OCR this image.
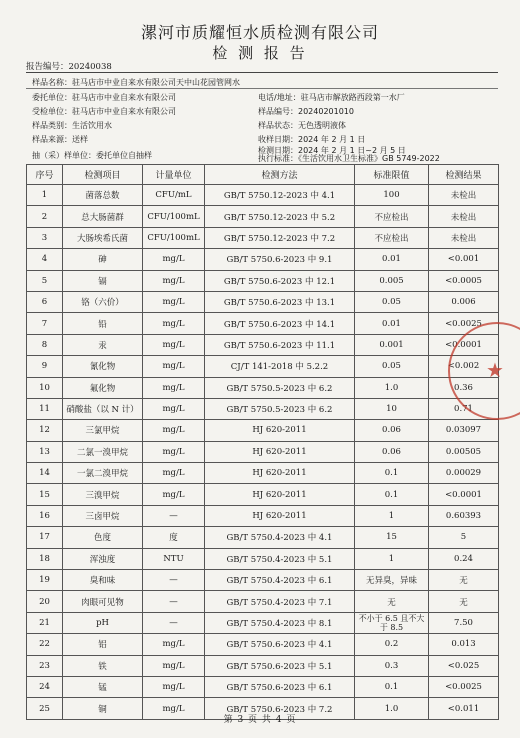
漯河市质耀恒水质检测有限公司
检 测 报 告
报告编号：20240038
样品名称：驻马店市中业自来水有限公司天中山花园管网水
委托单位：驻马店市中业自来水有限公司	电话/地址：驻马店市解放路西段第一水厂
受检单位：驻马店市中业自来水有限公司	样品编号：20240201010
样品类别：生活饮用水	样品状态：无色透明液体
样品来源：送样	收样日期：2024 年 2 月 1 日
检测日期：2024 年 2 月 1 日~2 月 5 日
抽（采）样单位：委托单位自抽样	执行标准：《生活饮用水卫生标准》GB 5749-2022
序号	检测项目	计量单位	检测方法	标准限值	检测结果
1	菌落总数	CFU/mL	GB/T 5750.12-2023 中 4.1	100	未检出
2	总大肠菌群	CFU/100mL	GB/T 5750.12-2023 中 5.2	不应检出	未检出
3	大肠埃希氏菌	CFU/100mL	GB/T 5750.12-2023 中 7.2	不应检出	未检出
4	砷	mg/L	GB/T 5750.6-2023 中 9.1	0.01	<0.001
5	镉	mg/L	GB/T 5750.6-2023 中 12.1	0.005	<0.0005
6	铬（六价）	mg/L	GB/T 5750.6-2023 中 13.1	0.05	0.006
7	铅	mg/L	GB/T 5750.6-2023 中 14.1	0.01	<0.0025
8	汞	mg/L	GB/T 5750.6-2023 中 11.1	0.001	<0.0001
9	氰化物	mg/L	CJ/T 141-2018 中 5.2.2	0.05	<0.002
10	氟化物	mg/L	GB/T 5750.5-2023 中 6.2	1.0	0.36
11	硝酸盐（以 N 计）	mg/L	GB/T 5750.5-2023 中 6.2	10	0.71
12	三氯甲烷	mg/L	HJ 620-2011	0.06	0.03097
13	二氯一溴甲烷	mg/L	HJ 620-2011	0.06	0.00505
14	一氯二溴甲烷	mg/L	HJ 620-2011	0.1	0.00029
15	三溴甲烷	mg/L	HJ 620-2011	0.1	<0.0001
16	三卤甲烷	—	HJ 620-2011	1	0.60393
17	色度	度	GB/T 5750.4-2023 中 4.1	15	5
18	浑浊度	NTU	GB/T 5750.4-2023 中 5.1	1	0.24
19	臭和味	—	GB/T 5750.4-2023 中 6.1	无异臭，异味	无
20	肉眼可见物	—	GB/T 5750.4-2023 中 7.1	无	无
21	pH	—	GB/T 5750.4-2023 中 8.1	不小于 6.5 且不大于 8.5	7.50
22	铝	mg/L	GB/T 5750.6-2023 中 4.1	0.2	0.013
23	铁	mg/L	GB/T 5750.6-2023 中 5.1	0.3	<0.025
24	锰	mg/L	GB/T 5750.6-2023 中 6.1	0.1	<0.0025
25	铜	mg/L	GB/T 5750.6-2023 中 7.2	1.0	<0.011
第 3 页 共 4 页
★
